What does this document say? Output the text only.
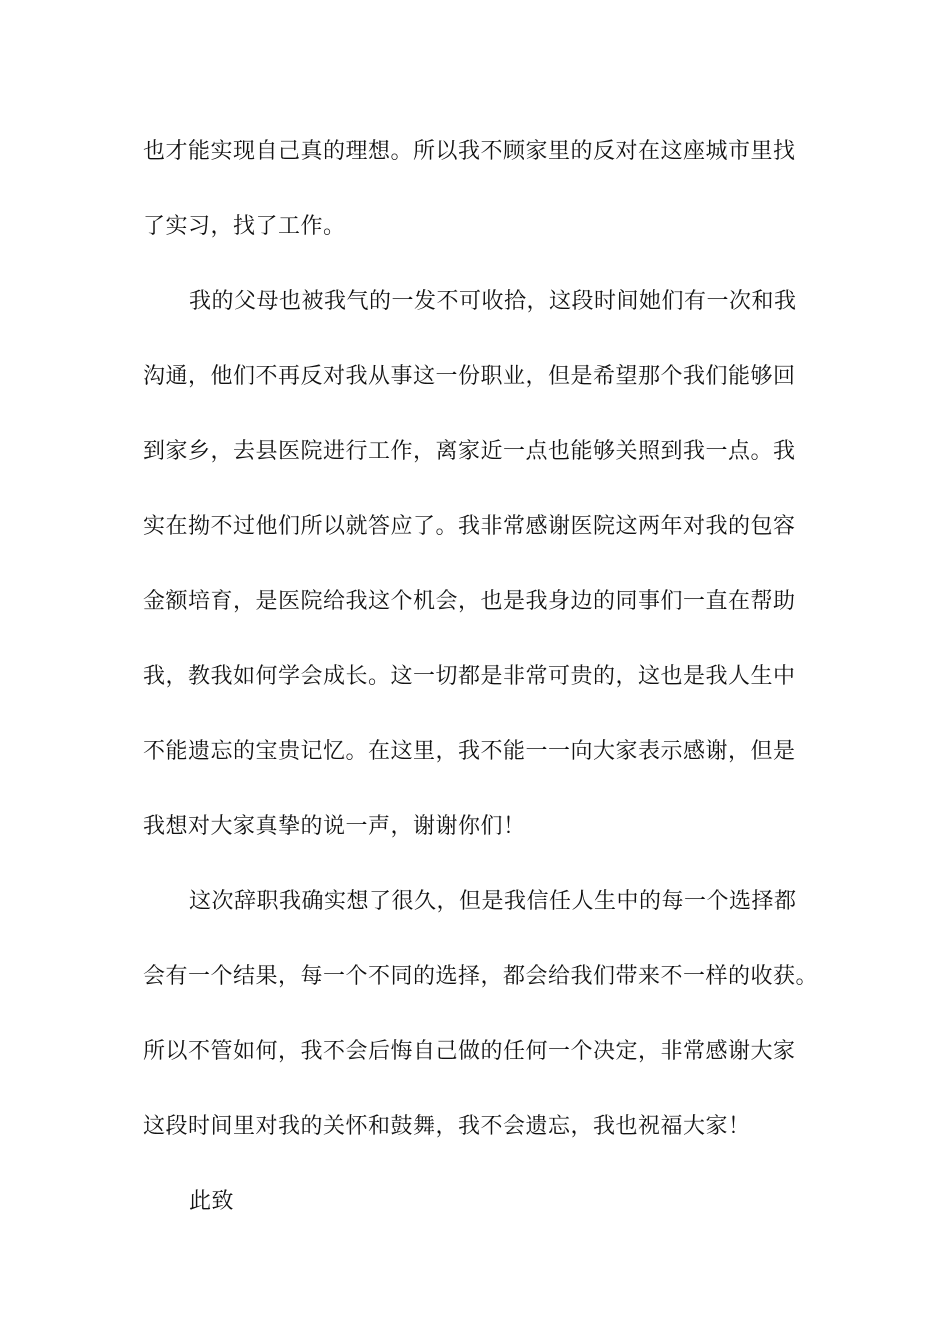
也才能实现自己真的理想。所以我不顾家里的反对在这座城市里找
了实习，找了工作。
我的父母也被我气的一发不可收拾，这段时间她们有一次和我
沟通，他们不再反对我从事这一份职业，但是希望那个我们能够回
到家乡，去县医院进行工作，离家近一点也能够关照到我一点。我
实在拗不过他们所以就答应了。我非常感谢医院这两年对我的包容
金额培育，是医院给我这个机会，也是我身边的同事们一直在帮助
我，教我如何学会成长。这一切都是非常可贵的，这也是我人生中
不能遗忘的宝贵记忆。在这里，我不能一一向大家表示感谢，但是
我想对大家真挚的说一声，谢谢你们！
这次辞职我确实想了很久，但是我信任人生中的每一个选择都
会有一个结果，每一个不同的选择，都会给我们带来不一样的收获。
所以不管如何，我不会后悔自己做的任何一个决定，非常感谢大家
这段时间里对我的关怀和鼓舞，我不会遗忘，我也祝福大家！
此致
